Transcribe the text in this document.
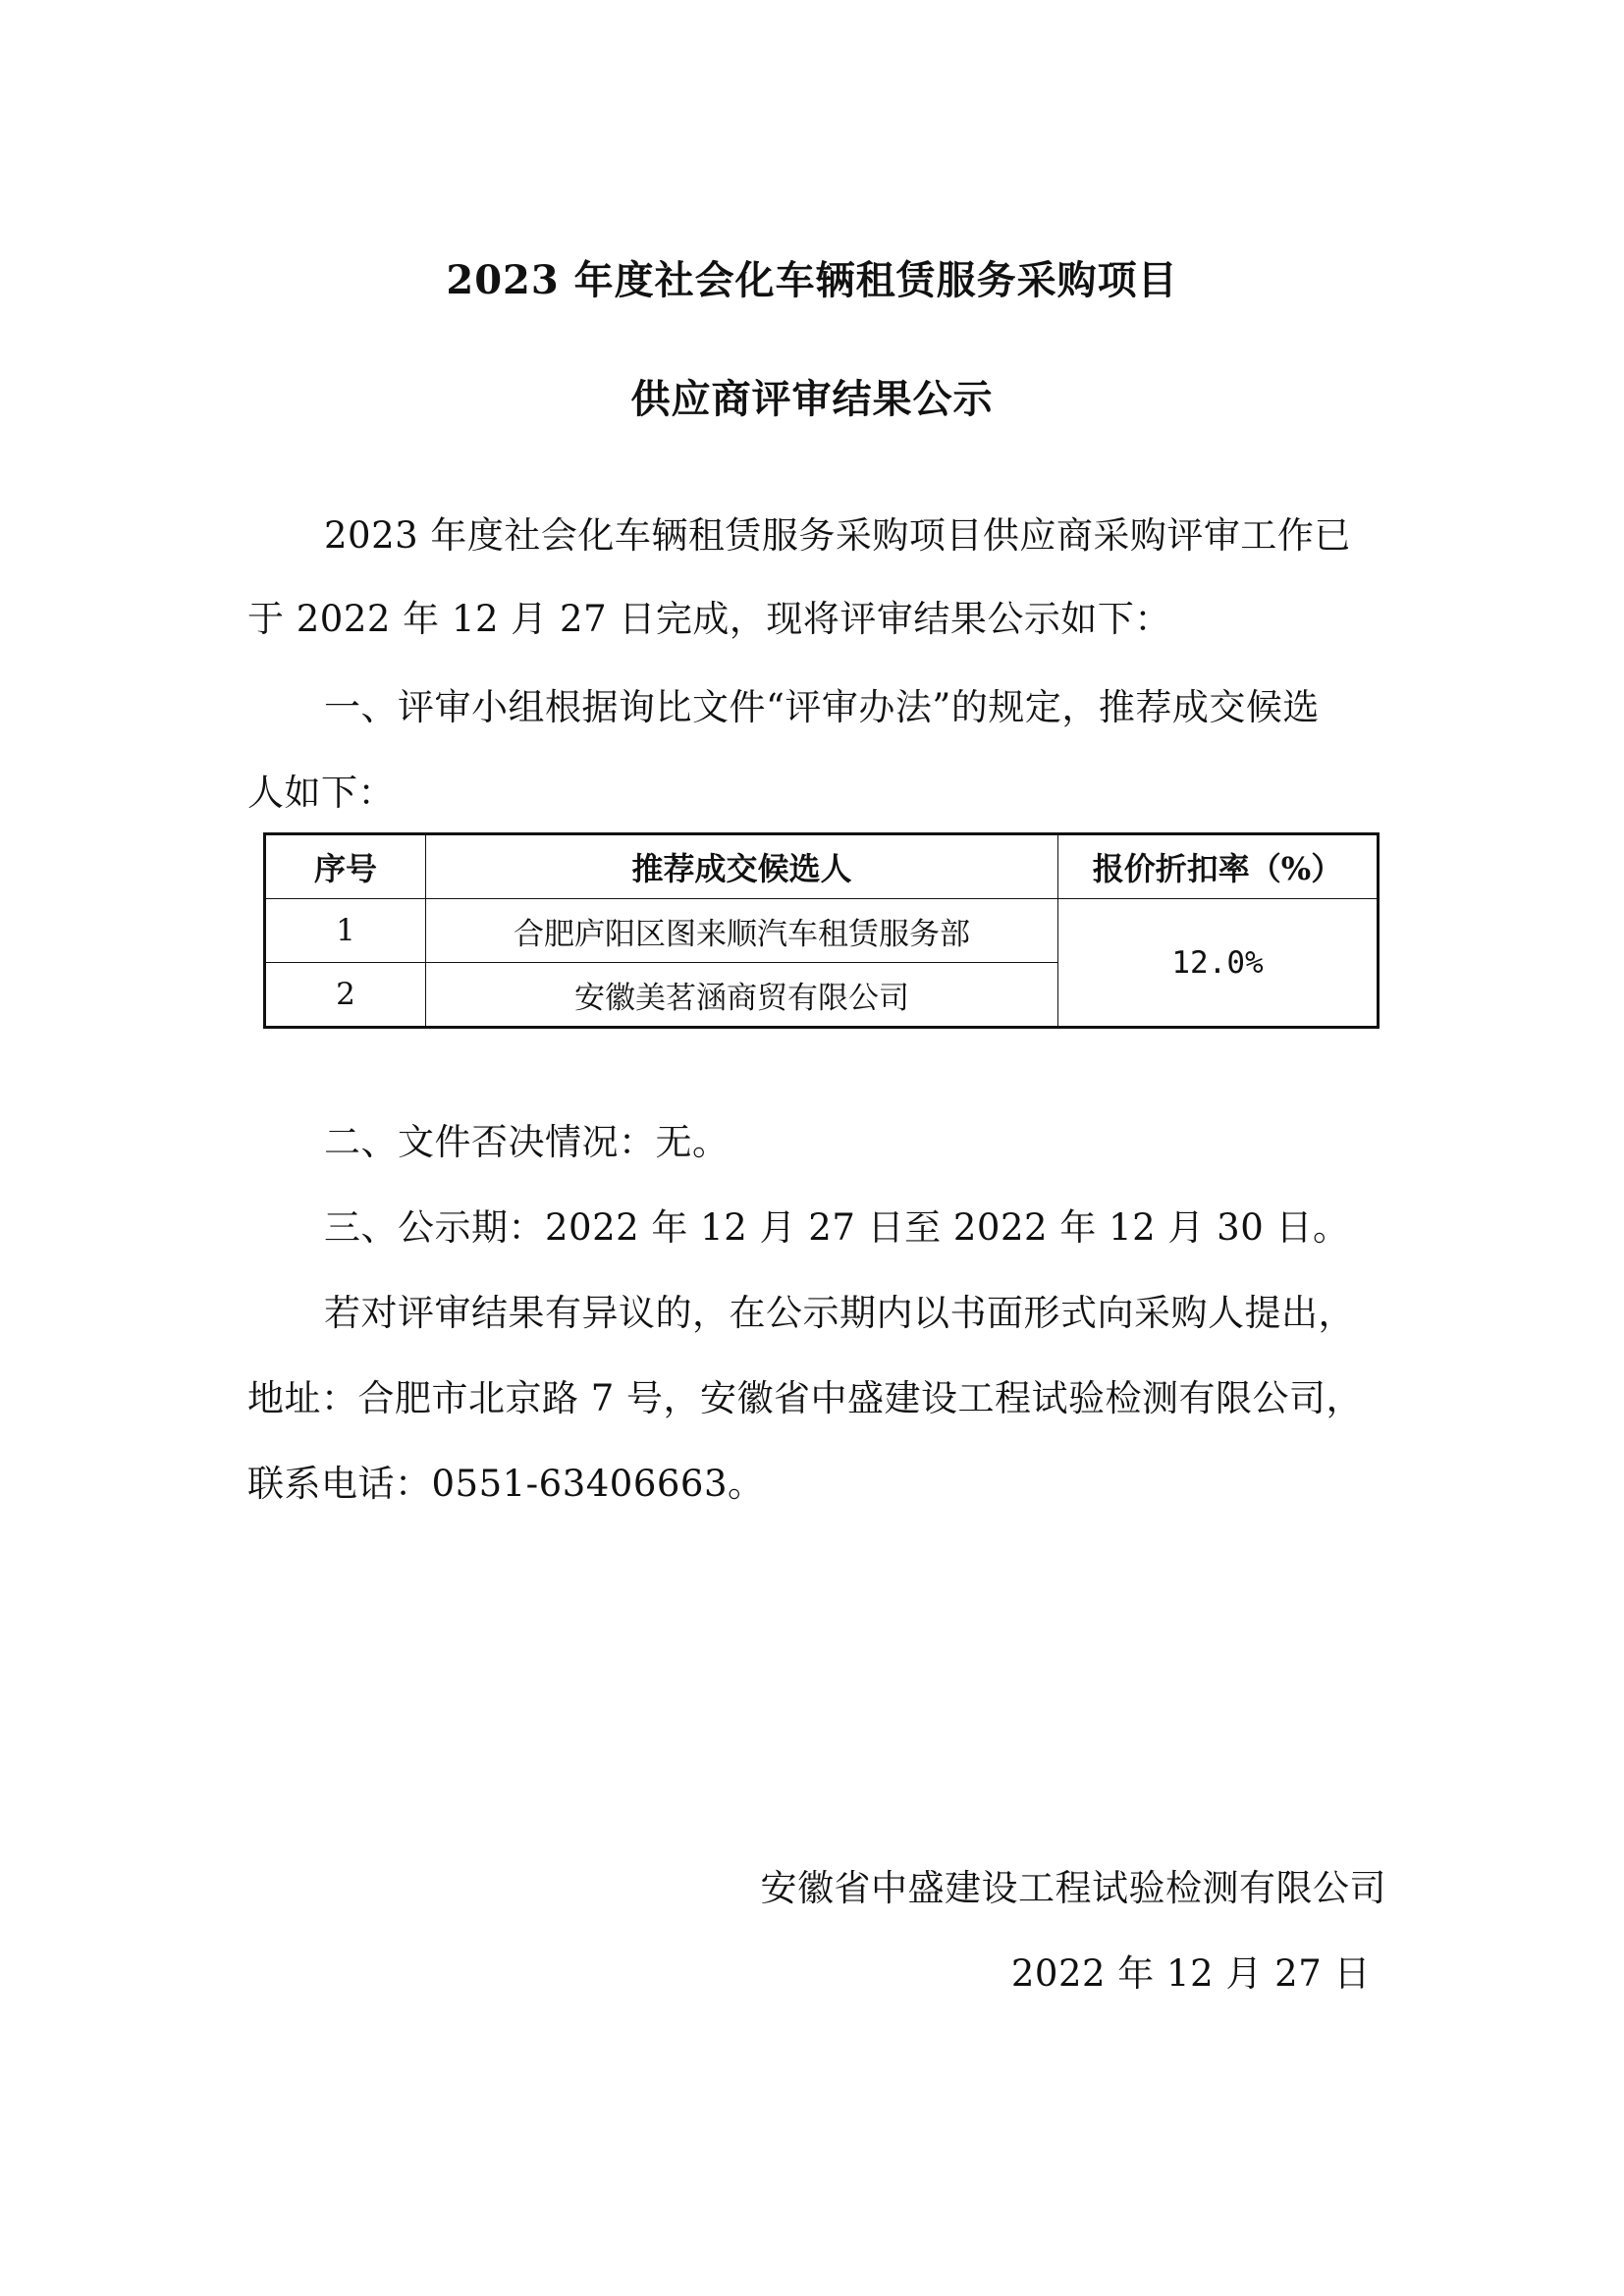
2023 年度社会化车辆租赁服务采购项目
供应商评审结果公示
2023 年度社会化车辆租赁服务采购项目供应商采购评审工作已
于 2022 年 12 月 27 日完成，现将评审结果公示如下：
一、评审小组根据询比文件“评审办法”的规定，推荐成交候选
人如下：
序号	推荐成交候选人	报价折扣率（%）
1	合肥庐阳区图来顺汽车租赁服务部	12.0%
2	安徽美茗涵商贸有限公司	
二、文件否决情况：无。
三、公示期：2022 年 12 月 27 日至 2022 年 12 月 30 日。
若对评审结果有异议的，在公示期内以书面形式向采购人提出，
地址：合肥市北京路 7 号，安徽省中盛建设工程试验检测有限公司，
联系电话：0551-63406663。
安徽省中盛建设工程试验检测有限公司
2022 年 12 月 27 日
